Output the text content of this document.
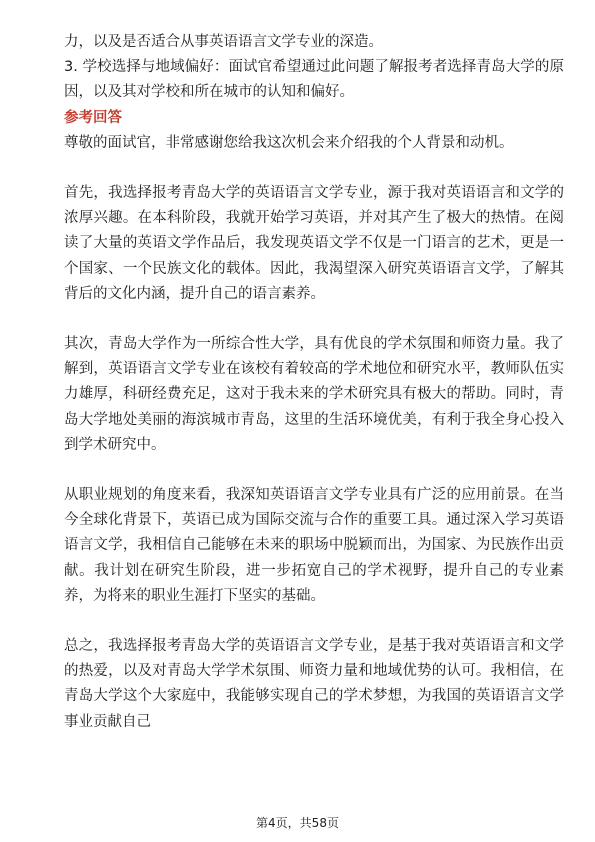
力，以及是否适合从事英语语言文学专业的深造。

3. 学校选择与地域偏好：面试官希望通过此问题了解报考者选择青岛大学的原因，以及其对学校和所在城市的认知和偏好。

参考回答

尊敬的面试官，非常感谢您给我这次机会来介绍我的个人背景和动机。

首先，我选择报考青岛大学的英语语言文学专业，源于我对英语语言和文学的浓厚兴趣。在本科阶段，我就开始学习英语，并对其产生了极大的热情。在阅读了大量的英语文学作品后，我发现英语文学不仅是一门语言的艺术，更是一个国家、一个民族文化的载体。因此，我渴望深入研究英语语言文学，了解其背后的文化内涵，提升自己的语言素养。

其次，青岛大学作为一所综合性大学，具有优良的学术氛围和师资力量。我了解到，英语语言文学专业在该校有着较高的学术地位和研究水平，教师队伍实力雄厚，科研经费充足，这对于我未来的学术研究具有极大的帮助。同时，青岛大学地处美丽的海滨城市青岛，这里的生活环境优美，有利于我全身心投入到学术研究中。

从职业规划的角度来看，我深知英语语言文学专业具有广泛的应用前景。在当今全球化背景下，英语已成为国际交流与合作的重要工具。通过深入学习英语语言文学，我相信自己能够在未来的职场中脱颖而出，为国家、为民族作出贡献。我计划在研究生阶段，进一步拓宽自己的学术视野，提升自己的专业素养，为将来的职业生涯打下坚实的基础。

总之，我选择报考青岛大学的英语语言文学专业，是基于我对英语语言和文学的热爱，以及对青岛大学学术氛围、师资力量和地域优势的认可。我相信，在青岛大学这个大家庭中，我能够实现自己的学术梦想，为我国的英语语言文学事业贡献自己

第4页，共58页
